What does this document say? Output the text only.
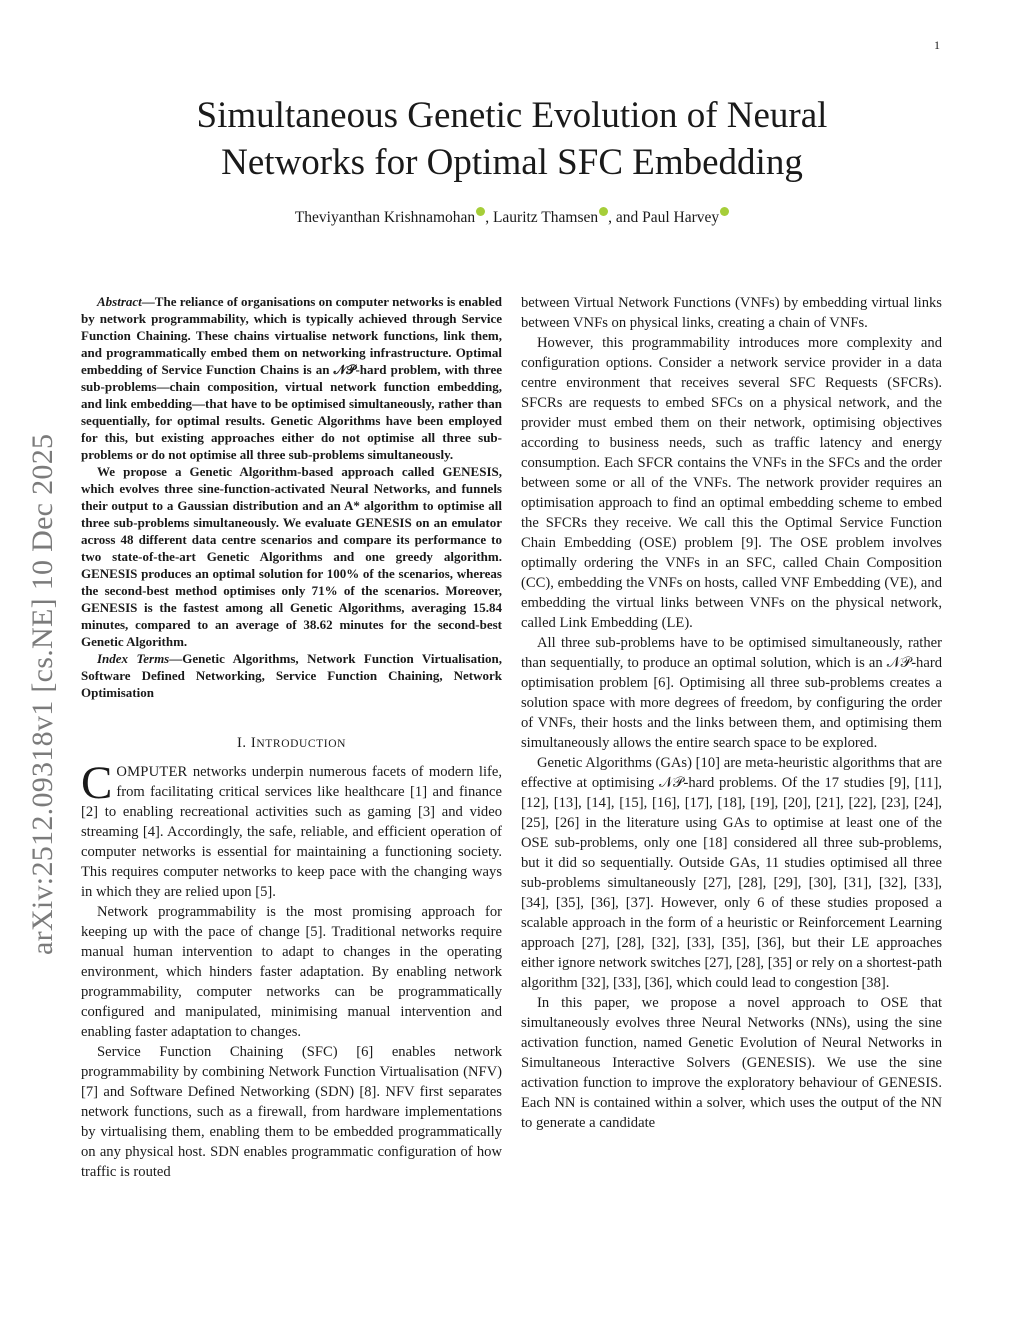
1
arXiv:2512.09318v1 [cs.NE] 10 Dec 2025
Simultaneous Genetic Evolution of Neural
Networks for Optimal SFC Embedding
Theviyanthan Krishnamohan , Lauritz Thamsen , and Paul Harvey

Abstract—The reliance of organisations on computer networks is enabled by network programmability, which is typically achieved through Service Function Chaining. These chains virtualise network functions, link them, and programmatically embed them on networking infrastructure. Optimal embedding of Service Function Chains is an 𝒩𝒫-hard problem, with three sub-problems—chain composition, virtual network function embedding, and link embedding—that have to be optimised simultaneously, rather than sequentially, for optimal results. Genetic Algorithms have been employed for this, but existing approaches either do not optimise all three sub-problems or do not optimise all three sub-problems simultaneously.

We propose a Genetic Algorithm-based approach called GENESIS, which evolves three sine-function-activated Neural Networks, and funnels their output to a Gaussian distribution and an A* algorithm to optimise all three sub-problems simultaneously. We evaluate GENESIS on an emulator across 48 different data centre scenarios and compare its performance to two state-of-the-art Genetic Algorithms and one greedy algorithm. GENESIS produces an optimal solution for 100% of the scenarios, whereas the second-best method optimises only 71% of the scenarios. Moreover, GENESIS is the fastest among all Genetic Algorithms, averaging 15.84 minutes, compared to an average of 38.62 minutes for the second-best Genetic Algorithm.

Index Terms—Genetic Algorithms, Network Function Virtualisation, Software Defined Networking, Service Function Chaining, Network Optimisation

I. INTRODUCTION

COMPUTER networks underpin numerous facets of modern life, from facilitating critical services like healthcare [1] and finance [2] to enabling recreational activities such as gaming [3] and video streaming [4]. Accordingly, the safe, reliable, and efficient operation of computer networks is essential for maintaining a functioning society. This requires computer networks to keep pace with the changing ways in which they are relied upon [5].

Network programmability is the most promising approach for keeping up with the pace of change [5]. Traditional networks require manual human intervention to adapt to changes in the operating environment, which hinders faster adaptation. By enabling network programmability, computer networks can be programmatically configured and manipulated, minimising manual intervention and enabling faster adaptation to changes.

Service Function Chaining (SFC) [6] enables network programmability by combining Network Function Virtualisation (NFV) [7] and Software Defined Networking (SDN) [8]. NFV first separates network functions, such as a firewall, from hardware implementations by virtualising them, enabling them to be embedded programmatically on any physical host. SDN enables programmatic configuration of how traffic is routed

between Virtual Network Functions (VNFs) by embedding virtual links between VNFs on physical links, creating a chain of VNFs.

However, this programmability introduces more complexity and configuration options. Consider a network service provider in a data centre environment that receives several SFC Requests (SFCRs). SFCRs are requests to embed SFCs on a physical network, and the provider must embed them on their network, optimising objectives according to business needs, such as traffic latency and energy consumption. Each SFCR contains the VNFs in the SFCs and the order between some or all of the VNFs. The network provider requires an optimisation approach to find an optimal embedding scheme to embed the SFCRs they receive. We call this the Optimal Service Function Chain Embedding (OSE) problem [9]. The OSE problem involves optimally ordering the VNFs in an SFC, called Chain Composition (CC), embedding the VNFs on hosts, called VNF Embedding (VE), and embedding the virtual links between VNFs on the physical network, called Link Embedding (LE).

All three sub-problems have to be optimised simultaneously, rather than sequentially, to produce an optimal solution, which is an 𝒩𝒫-hard optimisation problem [6]. Optimising all three sub-problems creates a solution space with more degrees of freedom, by configuring the order of VNFs, their hosts and the links between them, and optimising them simultaneously allows the entire search space to be explored.

Genetic Algorithms (GAs) [10] are meta-heuristic algorithms that are effective at optimising 𝒩𝒫-hard problems. Of the 17 studies [9], [11], [12], [13], [14], [15], [16], [17], [18], [19], [20], [21], [22], [23], [24], [25], [26] in the literature using GAs to optimise at least one of the OSE sub-problems, only one [18] considered all three sub-problems, but it did so sequentially. Outside GAs, 11 studies optimised all three sub-problems simultaneously [27], [28], [29], [30], [31], [32], [33], [34], [35], [36], [37]. However, only 6 of these studies proposed a scalable approach in the form of a heuristic or Reinforcement Learning approach [27], [28], [32], [33], [35], [36], but their LE approaches either ignore network switches [27], [28], [35] or rely on a shortest-path algorithm [32], [33], [36], which could lead to congestion [38].

In this paper, we propose a novel approach to OSE that simultaneously evolves three Neural Networks (NNs), using the sine activation function, named Genetic Evolution of Neural Networks in Simultaneous Interactive Solvers (GENESIS). We use the sine activation function to improve the exploratory behaviour of GENESIS. Each NN is contained within a solver, which uses the output of the NN to generate a candidate
